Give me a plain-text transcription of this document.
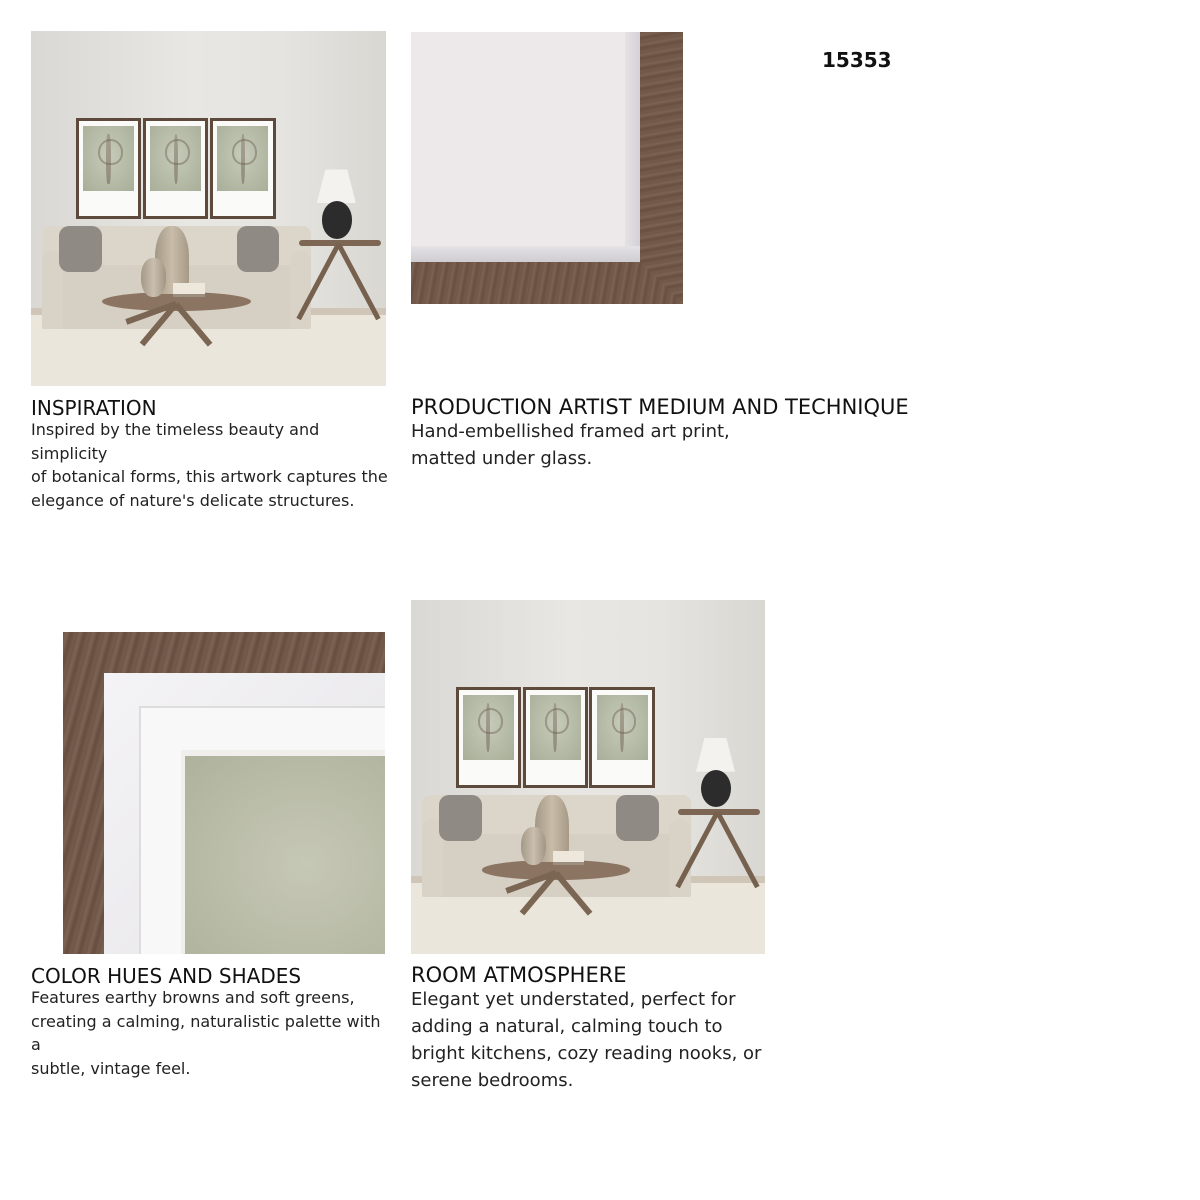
15353
INSPIRATION
Inspired by the timeless beauty and simplicity
of botanical forms, this artwork captures the
elegance of nature's delicate structures.
PRODUCTION ARTIST MEDIUM AND TECHNIQUE
Hand-embellished framed art print,
matted under glass.
COLOR HUES AND SHADES
Features earthy browns and soft greens,
creating a calming, naturalistic palette with a
subtle, vintage feel.
ROOM ATMOSPHERE
Elegant yet understated, perfect for
adding a natural, calming touch to
bright kitchens, cozy reading nooks, or
serene bedrooms.
